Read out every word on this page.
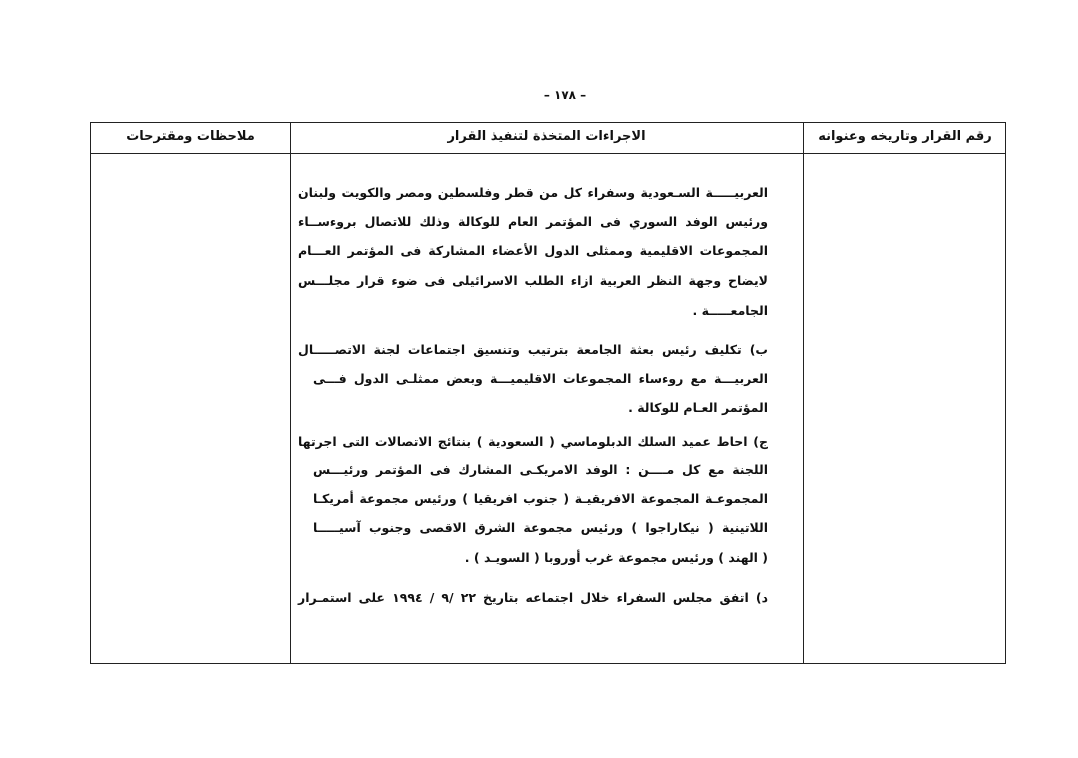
– ١٧٨ –
ملاحظات ومقترحات	الاجراءات المتخذة لتنفيذ القرار	رقم القرار وتاريخه وعنوانه
العربيـــــة السـعودية وسفراء كل من قطر وفلسطين ومصر والكويت ولبنان
ورئيس الوفد السوري فى المؤتمر العام للوكالة وذلك للاتصال بروءســاء
المجموعات الاقليمية وممثلى الدول الأعضاء المشاركة فى المؤتمر العـــام
لايضاح وجهة النظر العربية ازاء الطلب الاسرائيلى فى ضوء قرار مجلـــس
الجامعـــــة .
ب) تكليف رئيس بعثة الجامعة بترتيب وتنسيق اجتماعات لجنة الاتصـــــال
العربيـــة مع روءساء المجموعات الاقليميـــة وبعض ممثلـى الدول فـــى
المؤتمر العـام للوكالة .
ج) احاط عميد السلك الدبلوماسي ( السعودية ) بنتائج الاتصالات التى اجرتها
اللجنة مع كل مــــن : الوفد الامريكـى المشارك فى المؤتمر ورئيـــس
المجموعـة المجموعة الافريقيـة ( جنوب افريقيا ) ورئيس مجموعة أمريكـا
اللاتينية ( نيكاراجوا ) ورئيس مجموعة الشرق الاقصى وجنوب آسيـــــا
( الهند ) ورئيس مجموعة غرب أوروبا ( السويـد ) .
د) اتفق مجلس السفراء خلال اجتماعه بتاريخ ٢٢ /٩ / ١٩٩٤ على استمـرار
